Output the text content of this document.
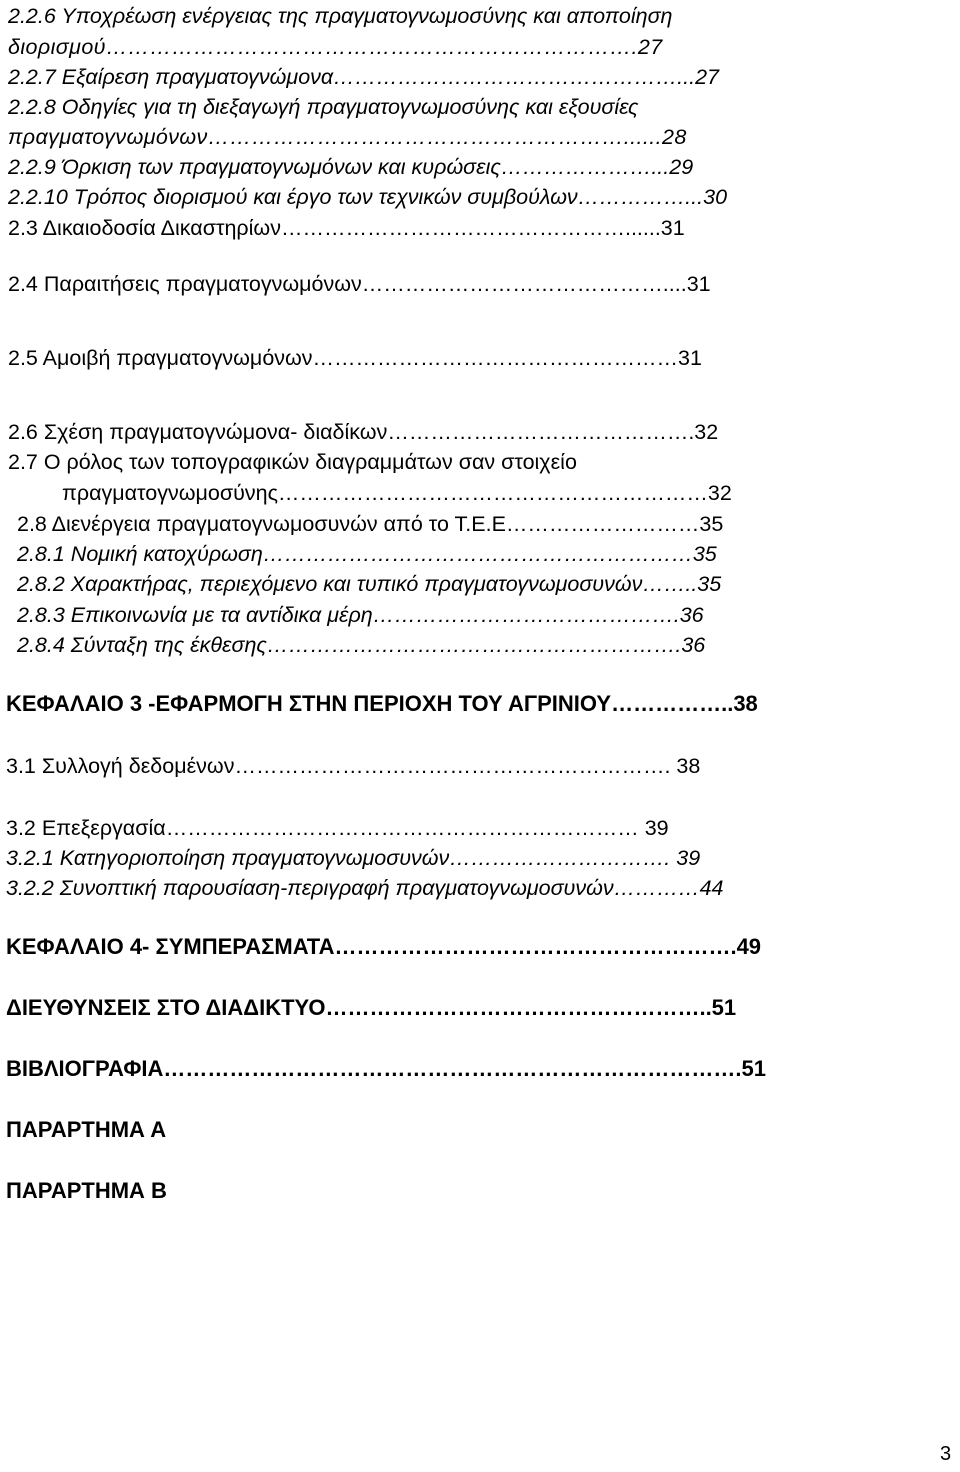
2.2.6 Υποχρέωση ενέργειας της πραγματογνωμοσύνης και αποποίηση
διορισμού……………………………………………………………….27
2.2.7 Εξαίρεση πραγματογνώμονα…………………………………………...27
2.2.8 Οδηγίες για τη διεξαγωγή πραγματογνωμοσύνης και εξουσίες
πραγματογνωμόνων…………………………………………………......28
2.2.9 Όρκιση των πραγματογνωμόνων και κυρώσεις…………………...29
2.2.10 Τρόπος διορισμού και έργο των τεχνικών συμβούλων……………...30
2.3 Δικαιοδοσία Δικαστηρίων…………………………………………......31
2.4 Παραιτήσεις πραγματογνωμόνων……………………………………....31
2.5 Αμοιβή πραγματογνωμόνων……………………………………………31
2.6 Σχέση πραγματογνώμονα- διαδίκων…………………………………….32
2.7 Ο ρόλος των τοπογραφικών διαγραμμάτων σαν στοιχείο
πραγματογνωμοσύνης……………………………………………………32
2.8 Διενέργεια πραγματογνωμοσυνών από το Τ.Ε.Ε………………………35
2.8.1 Νομική κατοχύρωση……………………………………………………35
2.8.2 Χαρακτήρας, περιεχόμενο και τυπικό πραγματογνωμοσυνών……..35
2.8.3 Επικοινωνία με τα αντίδικα μέρη…………………………………….36
2.8.4 Σύνταξη της έκθεσης………………………………………………….36
ΚΕΦΑΛΑΙΟ 3 -ΕΦΑΡΜΟΓΗ ΣΤΗΝ ΠΕΡΙΟΧΗ ΤΟΥ ΑΓΡΙΝΙΟΥ……………..38
3.1 Συλλογή δεδομένων……………………………………………………. 38
3.2 Επεξεργασία………………………………………………………… 39
3.2.1 Κατηγοριοποίηση πραγματογνωμοσυνών…………………………. 39
3.2.2 Συνοπτική παρουσίαση-περιγραφή πραγματογνωμοσυνών…………44
ΚΕΦΑΛΑΙΟ 4- ΣΥΜΠΕΡΑΣΜΑΤΑ……………………………………………….49
ΔΙΕΥΘΥΝΣΕΙΣ ΣΤΟ ΔΙΑΔΙΚΤΥΟ……………………………………………..51
ΒΙΒΛΙΟΓΡΑΦΙΑ…………………………………………………………………….51
ΠΑΡΑΡΤΗΜΑ Α
ΠΑΡΑΡΤΗΜΑ Β
3
